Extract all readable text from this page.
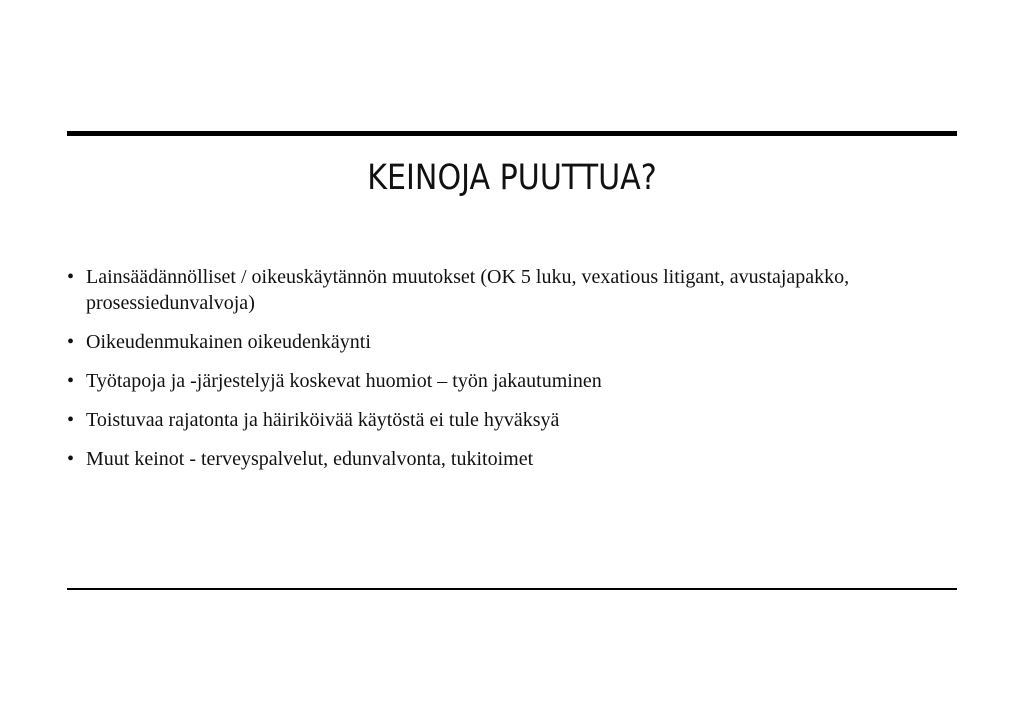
KEINOJA PUUTTUA?
• Lainsäädännölliset / oikeuskäytännön muutokset (OK 5 luku, vexatious litigant, avustajapakko, prosessiedunvalvoja)
• Oikeudenmukainen oikeudenkäynti
• Työtapoja ja -järjestelyjä koskevat huomiot – työn jakautuminen
• Toistuvaa rajatonta ja häiriköivää käytöstä ei tule hyväksyä
• Muut keinot - terveyspalvelut, edunvalvonta, tukitoimet
